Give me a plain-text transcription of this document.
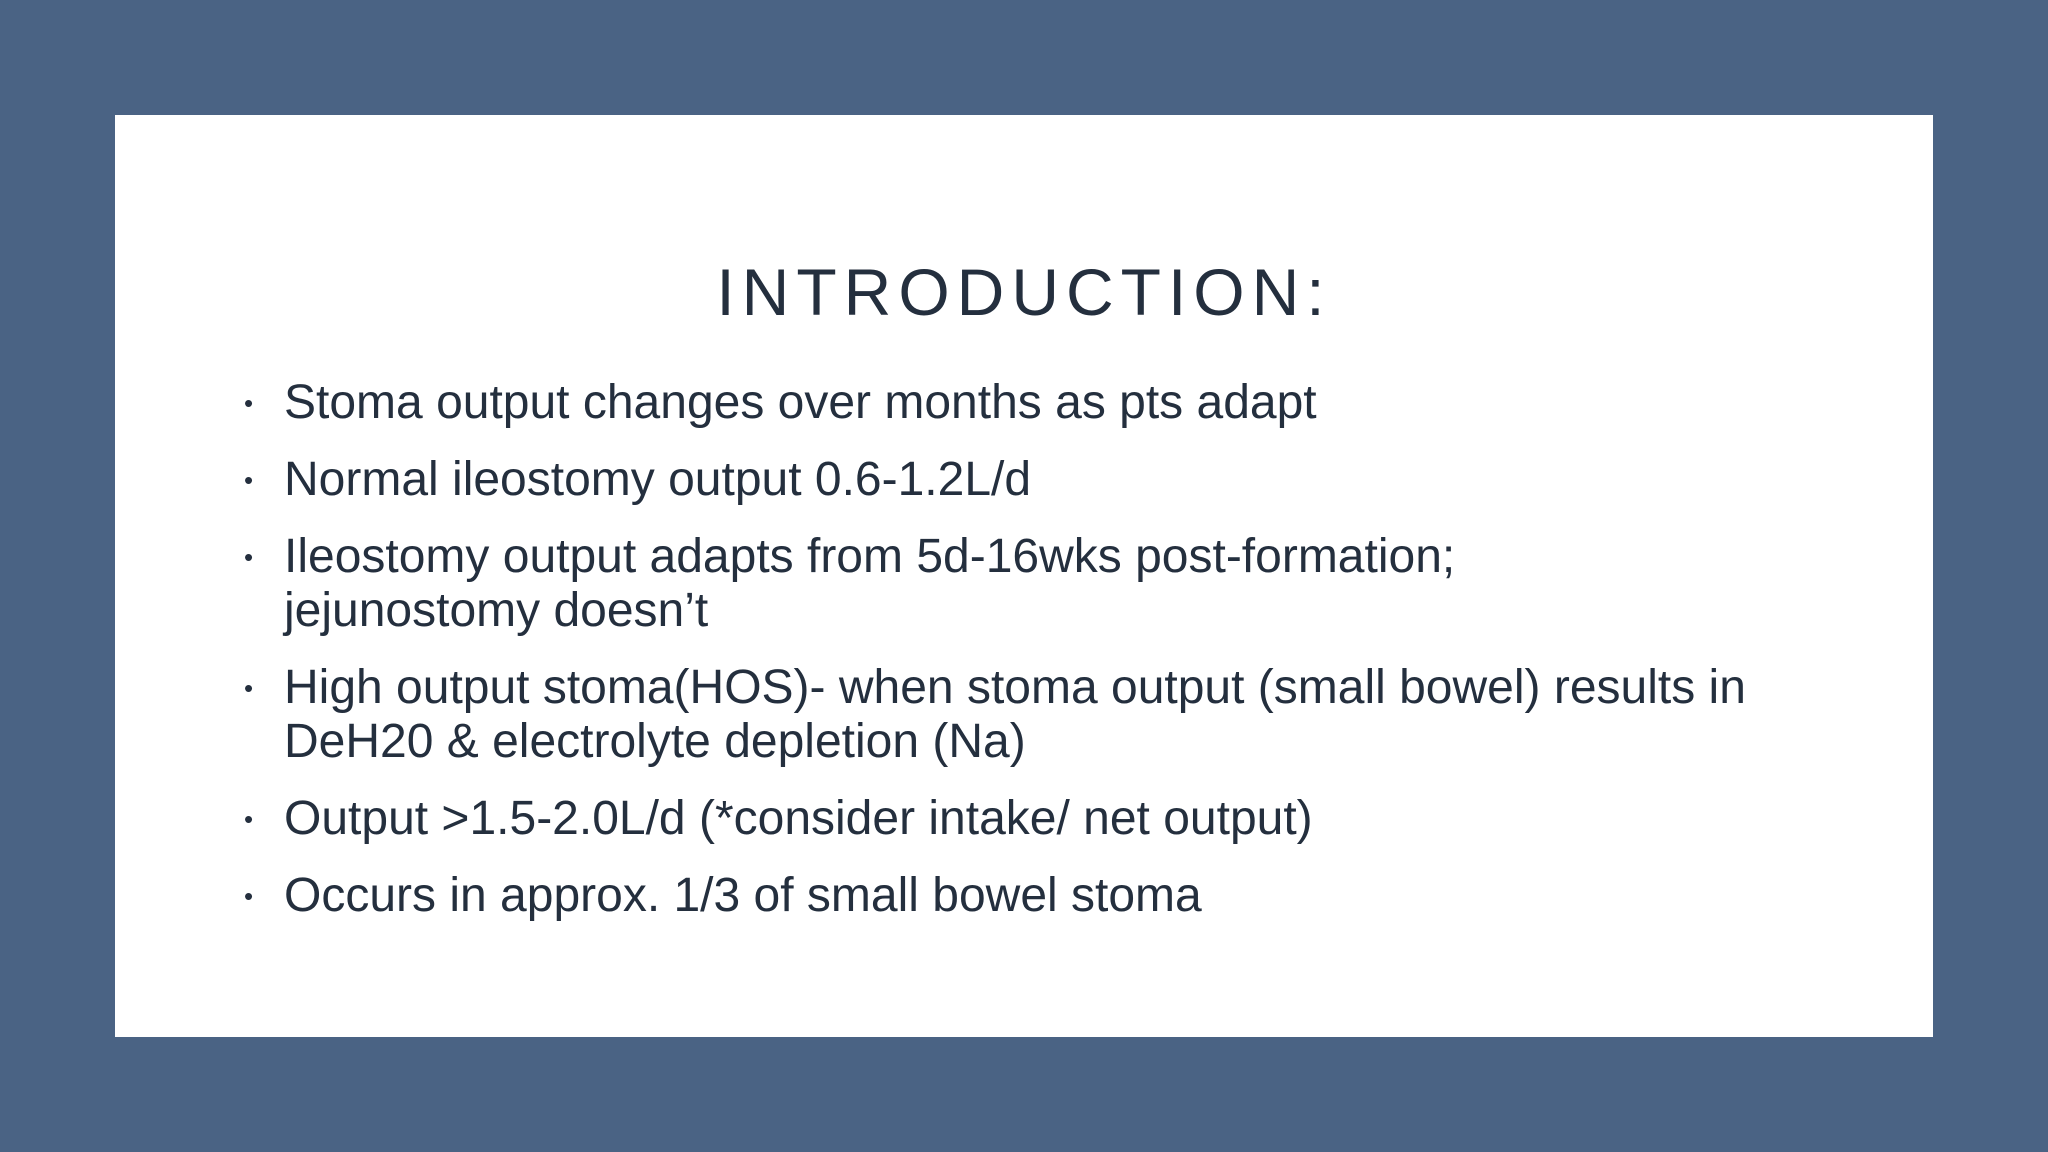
INTRODUCTION:
• Stoma output changes over months as pts adapt
• Normal ileostomy output 0.6-1.2L/d
• Ileostomy output adapts from 5d-16wks post-formation; jejunostomy doesn’t
• High output stoma(HOS)- when stoma output (small bowel) results in DeH20 & electrolyte depletion (Na)
• Output >1.5-2.0L/d (*consider intake/ net output)
• Occurs in approx. 1/3 of small bowel stoma
